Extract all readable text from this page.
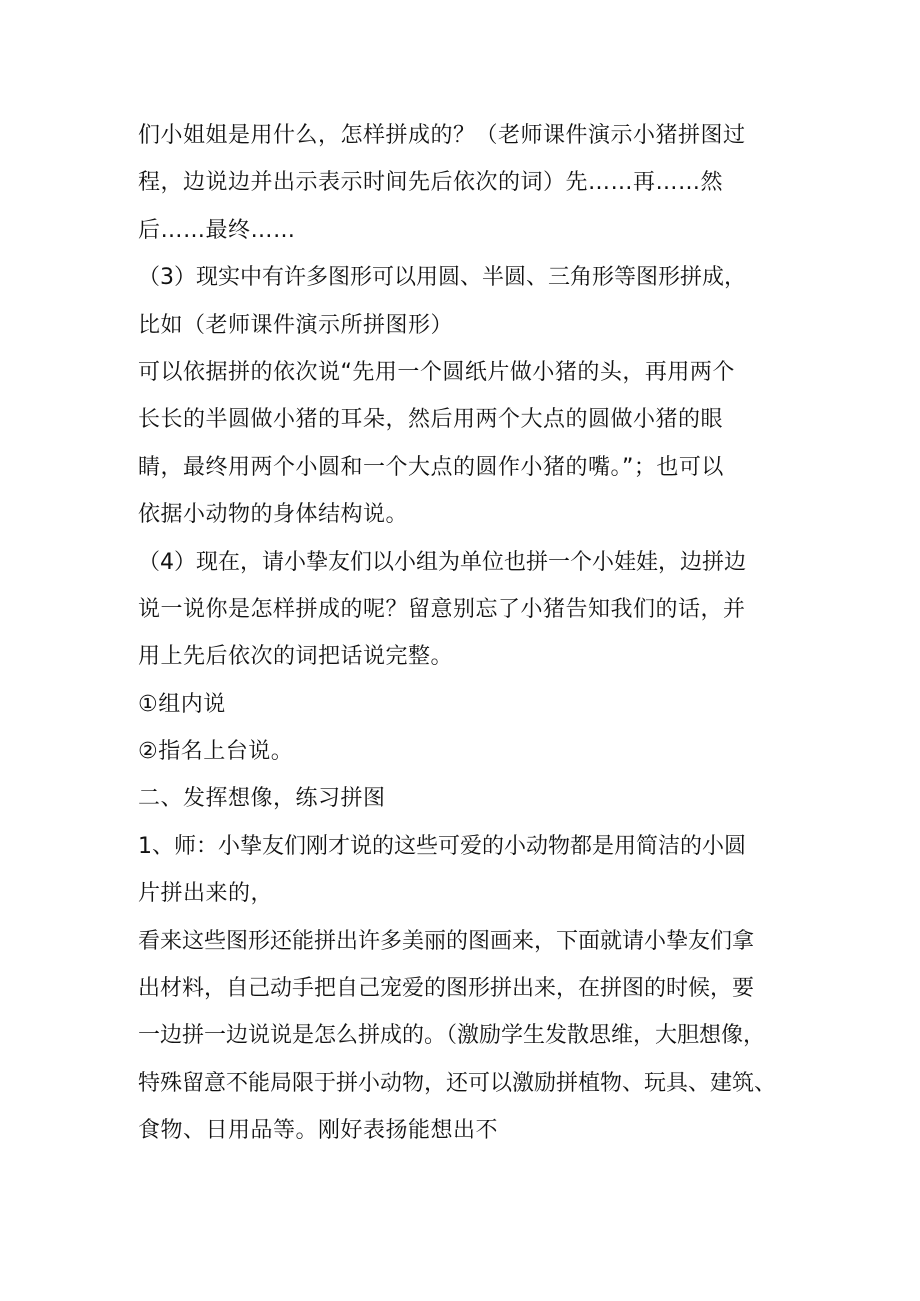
们小姐姐是用什么，怎样拼成的？（老师课件演示小猪拼图过
程，边说边并出示表示时间先后依次的词）先……再……然
后……最终……
（3）现实中有许多图形可以用圆、半圆、三角形等图形拼成，
比如（老师课件演示所拼图形）
可以依据拼的依次说“先用一个圆纸片做小猪的头，再用两个
长长的半圆做小猪的耳朵，然后用两个大点的圆做小猪的眼
睛，最终用两个小圆和一个大点的圆作小猪的嘴。”；也可以
依据小动物的身体结构说。
（4）现在，请小挚友们以小组为单位也拼一个小娃娃，边拼边
说一说你是怎样拼成的呢？留意别忘了小猪告知我们的话，并
用上先后依次的词把话说完整。
①组内说
②指名上台说。
二、发挥想像，练习拼图
1、师：小挚友们刚才说的这些可爱的小动物都是用简洁的小圆
片拼出来的，
看来这些图形还能拼出许多美丽的图画来，下面就请小挚友们拿
出材料，自己动手把自己宠爱的图形拼出来，在拼图的时候，要
一边拼一边说说是怎么拼成的。（激励学生发散思维，大胆想像，
特殊留意不能局限于拼小动物，还可以激励拼植物、玩具、建筑、
食物、日用品等。刚好表扬能想出不
